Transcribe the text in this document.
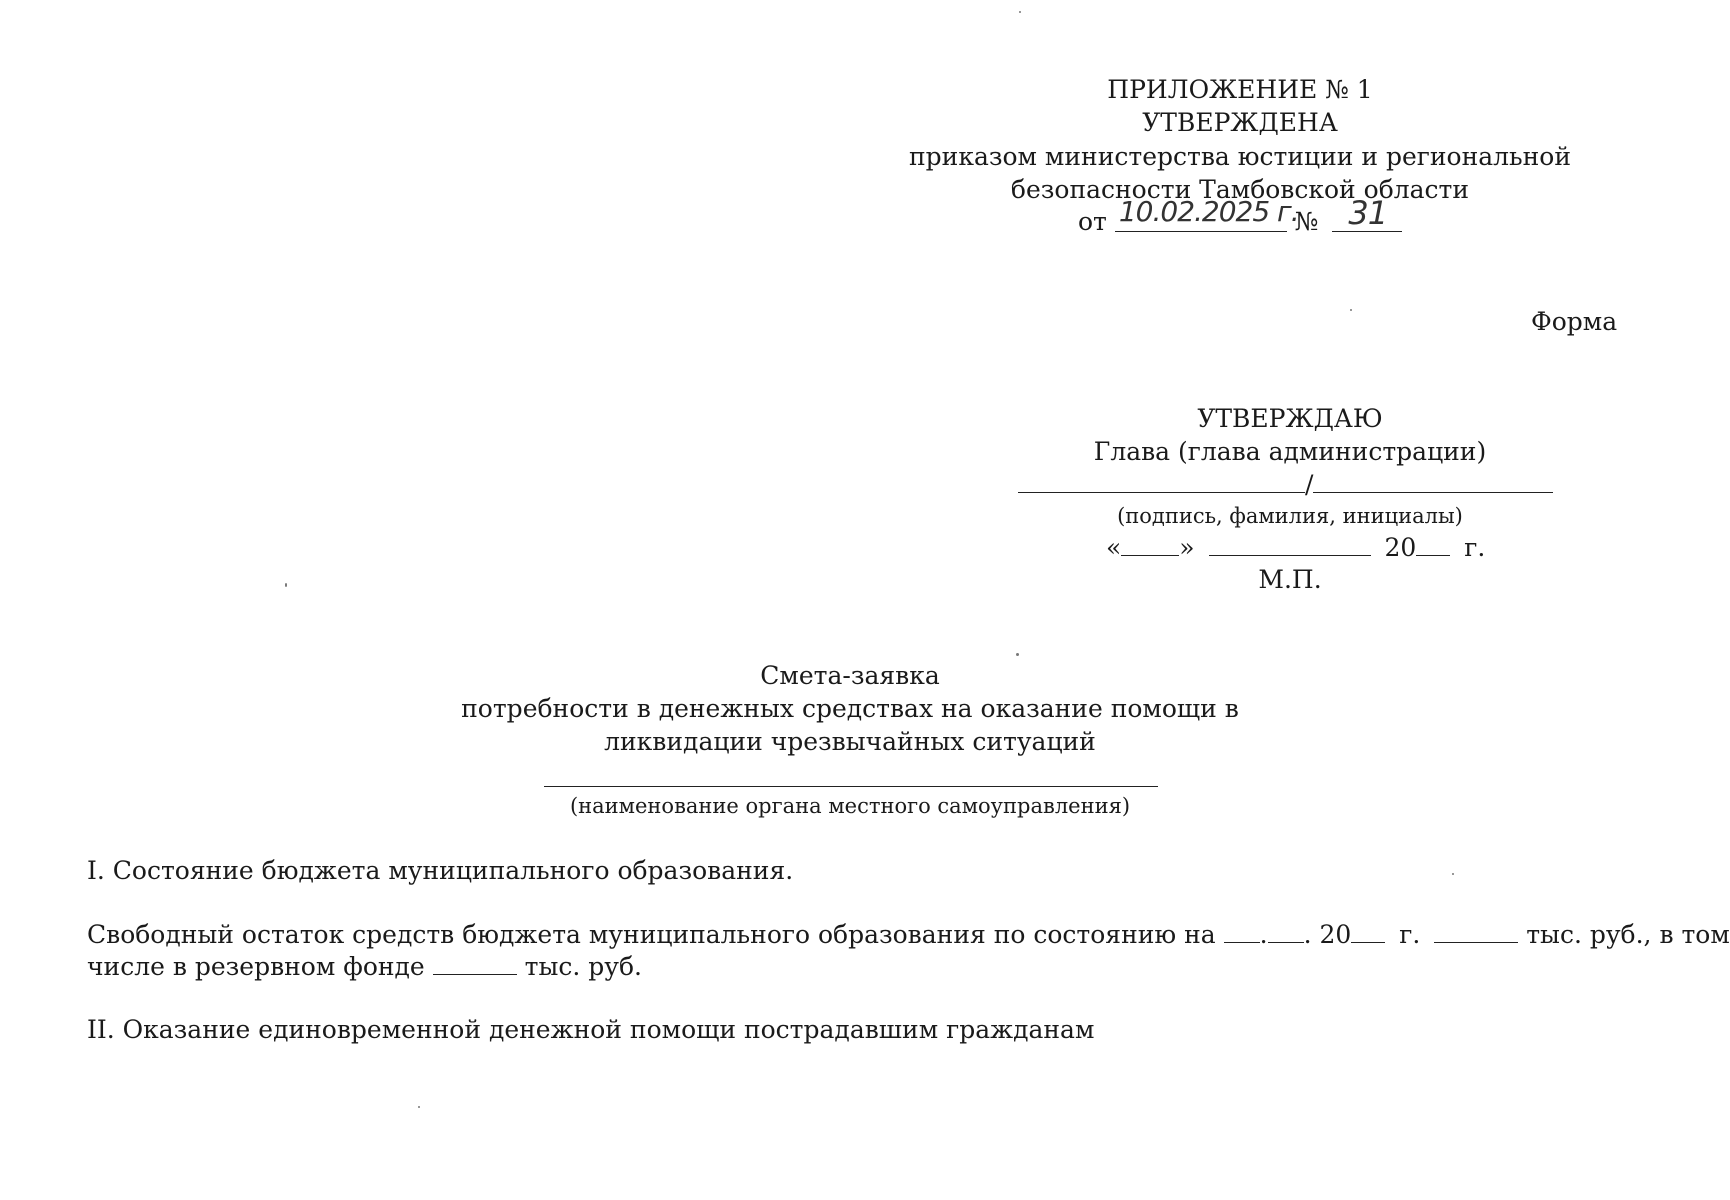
ПРИЛОЖЕНИЕ № 1
УТВЕРЖДЕНА
приказом министерства юстиции и региональной
безопасности Тамбовской области
от 10.02.2025 г.
№ 31
Форма
УТВЕРЖДАЮ
Глава (глава администрации)
/
(подпись, фамилия, инициалы)
« »	20 г.
М.П.
Смета-заявка
потребности в денежных средствах на оказание помощи в
ликвидации чрезвычайных ситуаций
(наименование органа местного самоуправления)
I. Состояние бюджета муниципального образования.
Свободный остаток средств бюджета муниципального образования по состоянию на . . 20 г.	тыс. руб., в том
числе в резервном фонде	тыс. руб.
II. Оказание единовременной денежной помощи пострадавшим гражданам
